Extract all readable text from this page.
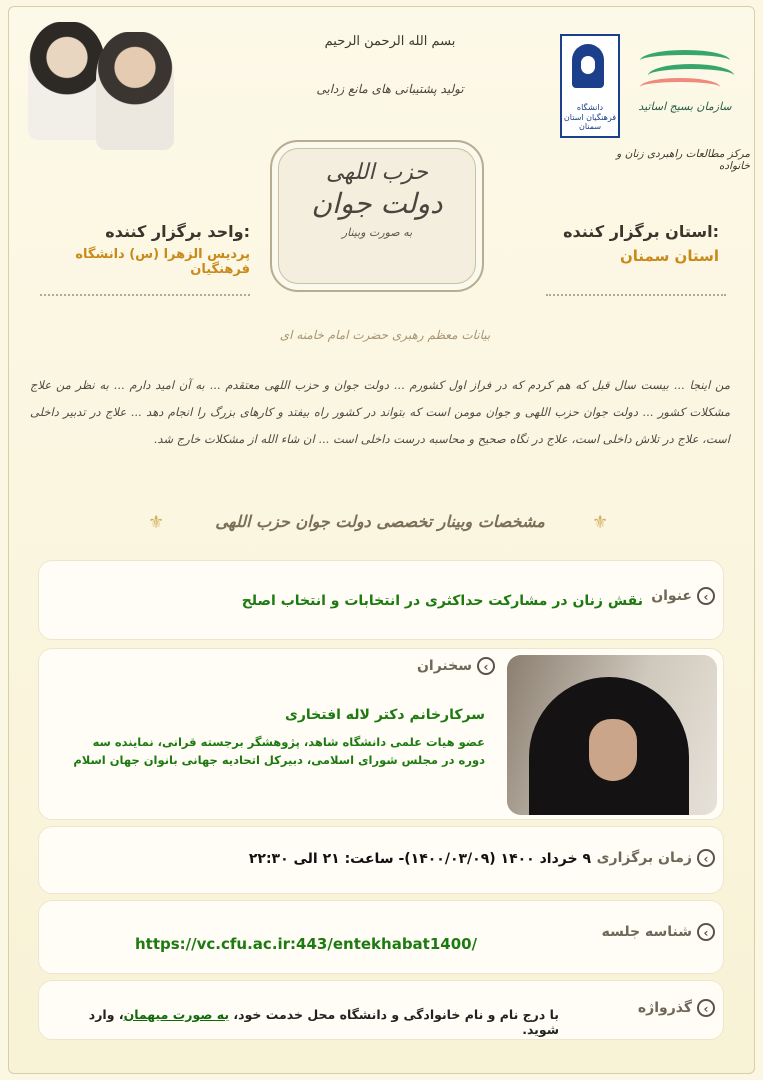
بسم الله الرحمن الرحیم
تولید پشتیبانی های مانع زدایی
دانشگاه فرهنگیان استان سمنان
سازمان بسیج اساتید
مرکز مطالعات راهبردی زنان و خانواده
حزب اللهی
دولت جوان
به صورت وبینار	استان برگزار کننده:
استان سمنان
واحد برگزار کننده:
پردیس الزهرا (س) دانشگاه فرهنگیان
بیانات معظم رهبری حضرت امام خامنه ای
من اینجا ... بیست سال قبل که هم کردم که در فراز اول کشورم ... دولت جوان و حزب اللهی معتقدم ... به آن امید دارم ... به نظر من علاج مشکلات کشور ... دولت جوان حزب اللهی و جوان مومن است که بتواند در کشور راه بیفتد و کارهای بزرگ را انجام دهد ... علاج در تدبیر داخلی است، علاج در تلاش داخلی است، علاج در نگاه صحیح و محاسبه درست داخلی است ... ان شاء الله از مشکلات خارج شد.
⚜
مشخصات وبینار تخصصی دولت جوان حزب اللهی
⚜
›
عنوان
نقش زنان در مشارکت حداکثری در انتخابات و انتخاب اصلح
›
سخنران
سرکارخانم دکتر لاله افتخاری
عضو هیات علمی دانشگاه شاهد، پژوهشگر برجسته قرانی، نماینده سه دوره در مجلس شورای اسلامی، دبیرکل اتحادیه جهانی بانوان جهان اسلام
›
زمان برگزاری
۹ خرداد ۱۴۰۰ (۱۴۰۰/۰۳/۰۹)- ساعت: ۲۱ الی ۲۲:۳۰
›
شناسه جلسه
https://vc.cfu.ac.ir:443/entekhabat1400/
›
گذرواژه
با درج نام و نام خانوادگی و دانشگاه محل خدمت خود، به صورت میهمان، وارد شوید.
